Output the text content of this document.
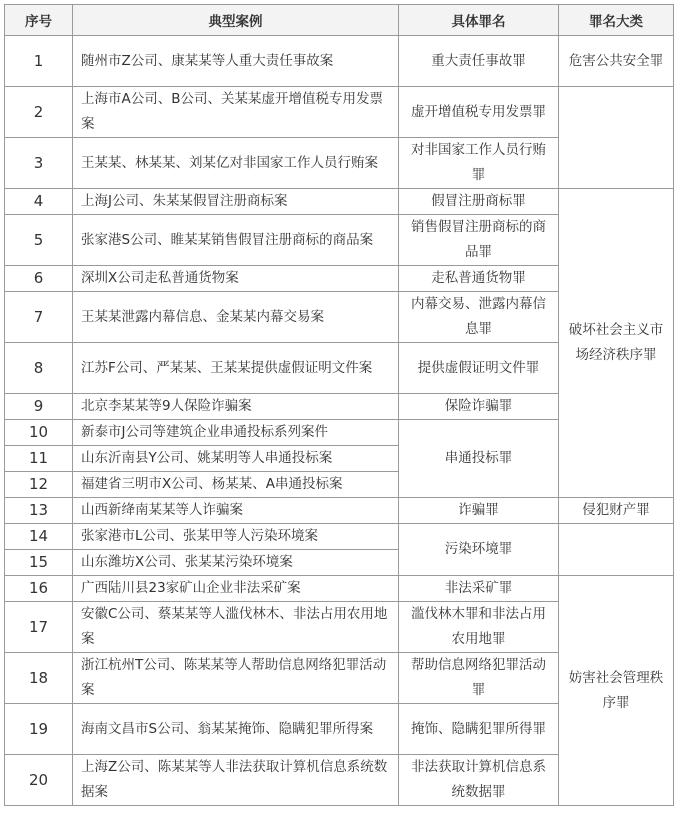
序号	典型案例	具体罪名	罪名大类
1	随州市Z公司、康某某等人重大责任事故案	重大责任事故罪	危害公共安全罪
2	上海市A公司、B公司、关某某虚开增值税专用发票案	虚开增值税专用发票罪	
3	王某某、林某某、刘某亿对非国家工作人员行贿案	对非国家工作人员行贿罪	
4	上海J公司、朱某某假冒注册商标案	假冒注册商标罪	破坏社会主义市场经济秩序罪
5	张家港S公司、睢某某销售假冒注册商标的商品案	销售假冒注册商标的商品罪	
6	深圳X公司走私普通货物案	走私普通货物罪	
7	王某某泄露内幕信息、金某某内幕交易案	内幕交易、泄露内幕信息罪	
8	江苏F公司、严某某、王某某提供虚假证明文件案	提供虚假证明文件罪	
9	北京李某某等9人保险诈骗案	保险诈骗罪	
10	新泰市J公司等建筑企业串通投标系列案件	串通投标罪	
11	山东沂南县Y公司、姚某明等人串通投标案		
12	福建省三明市X公司、杨某某、A串通投标案		
13	山西新绛南某某等人诈骗案	诈骗罪	侵犯财产罪
14	张家港市L公司、张某甲等人污染环境案	污染环境罪	
15	山东潍坊X公司、张某某污染环境案		
16	广西陆川县23家矿山企业非法采矿案	非法采矿罪	妨害社会管理秩序罪
17	安徽C公司、蔡某某等人滥伐林木、非法占用农用地案	滥伐林木罪和非法占用农用地罪	
18	浙江杭州T公司、陈某某等人帮助信息网络犯罪活动案	帮助信息网络犯罪活动罪	
19	海南文昌市S公司、翁某某掩饰、隐瞒犯罪所得案	掩饰、隐瞒犯罪所得罪	
20	上海Z公司、陈某某等人非法获取计算机信息系统数据案	非法获取计算机信息系统数据罪	
